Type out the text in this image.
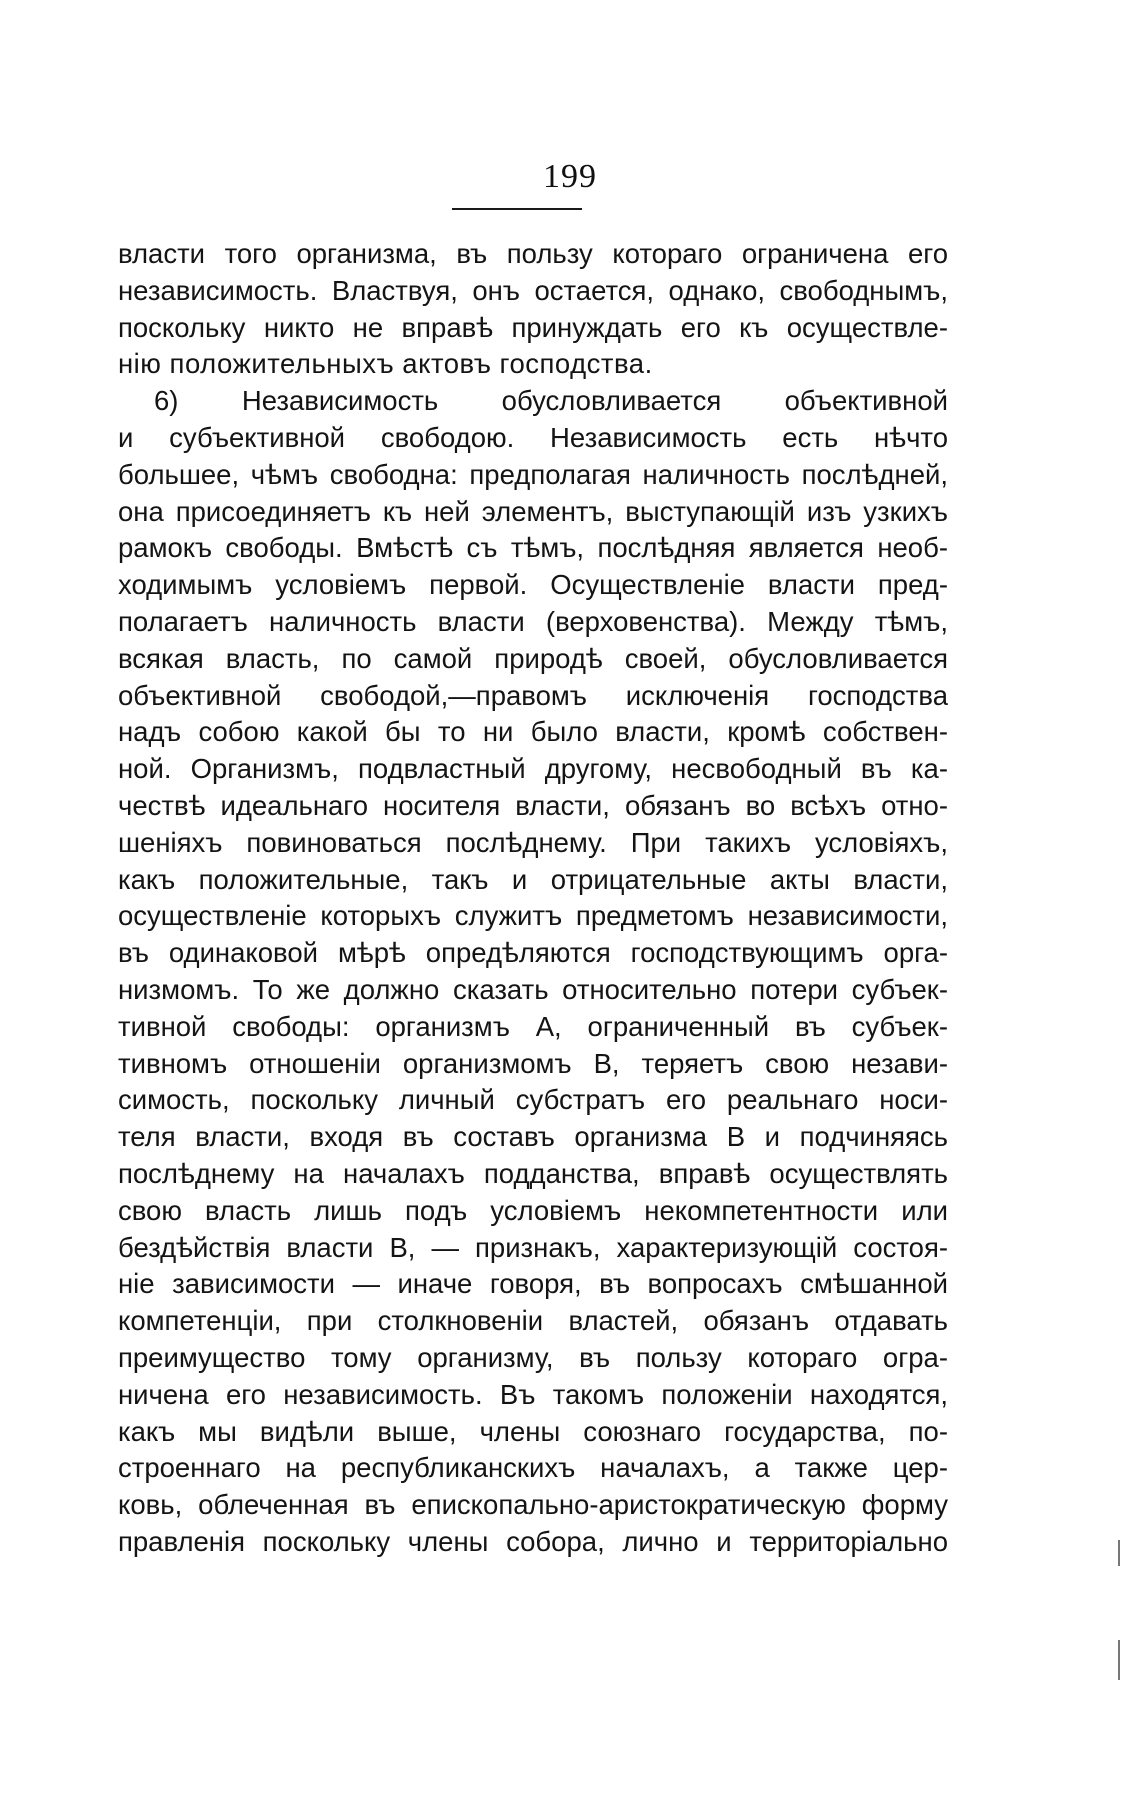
199
власти того организма, въ пользу котораго ограничена его
независимость. Властвуя, онъ остается, однако, свободнымъ,
поскольку никто не вправѣ принуждать его къ осуществле-
нію положительныхъ актовъ господства.
6) Независимость обусловливается объективной
и субъективной свободою. Независимость есть нѣчто
большее, чѣмъ свободна: предполагая наличность послѣдней,
она присоединяетъ къ ней элементъ, выступающій изъ узкихъ
рамокъ свободы. Вмѣстѣ съ тѣмъ, послѣдняя является необ-
ходимымъ условіемъ первой. Осуществленіе власти пред-
полагаетъ наличность власти (верховенства). Между тѣмъ,
всякая власть, по самой природѣ своей, обусловливается
объективной свободой,—правомъ исключенія господства
надъ собою какой бы то ни было власти, кромѣ собствен-
ной. Организмъ, подвластный другому, несвободный въ ка-
чествѣ идеальнаго носителя власти, обязанъ во всѣхъ отно-
шеніяхъ повиноваться послѣднему. При такихъ условіяхъ,
какъ положительные, такъ и отрицательные акты власти,
осуществленіе которыхъ служитъ предметомъ независимости,
въ одинаковой мѣрѣ опредѣляются господствующимъ орга-
низмомъ. То же должно сказать относительно потери субъек-
тивной свободы: организмъ А, ограниченный въ субъек-
тивномъ отношеніи организмомъ В, теряетъ свою незави-
симость, поскольку личный субстратъ его реальнаго носи-
теля власти, входя въ составъ организма В и подчиняясь
послѣднему на началахъ подданства, вправѣ осуществлять
свою власть лишь подъ условіемъ некомпетентности или
бездѣйствія власти В, — признакъ, характеризующій состоя-
ніе зависимости — иначе говоря, въ вопросахъ смѣшанной
компетенціи, при столкновеніи властей, обязанъ отдавать
преимущество тому организму, въ пользу котораго огра-
ничена его независимость. Въ такомъ положеніи находятся,
какъ мы видѣли выше, члены союзнаго государства, по-
строеннаго на республиканскихъ началахъ, а также цер-
ковь, облеченная въ епископально-аристократическую форму
правленія поскольку члены собора, лично и территоріально
